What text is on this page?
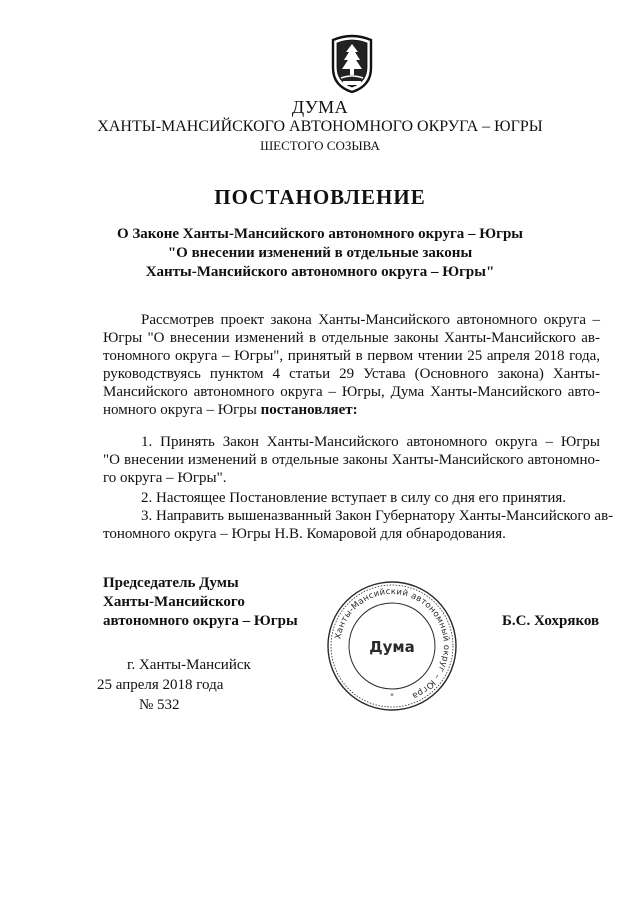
ДУМА
ХАНТЫ-МАНСИЙСКОГО АВТОНОМНОГО ОКРУГА – ЮГРЫ
ШЕСТОГО СОЗЫВА
ПОСТАНОВЛЕНИЕ
О Законе Ханты-Мансийского автономного округа – Югры
"О внесении изменений в отдельные законы
Ханты-Мансийского автономного округа – Югры"
Рассмотрев проект закона Ханты-Мансийского автономного округа –
Югры "О внесении изменений в отдельные законы Ханты-Мансийского ав-
тономного округа – Югры", принятый в первом чтении 25 апреля 2018 года,
руководствуясь пунктом 4 статьи 29 Устава (Основного закона) Ханты-
Мансийского автономного округа – Югры, Дума Ханты-Мансийского авто-
номного округа – Югры постановляет:
1. Принять Закон Ханты-Мансийского автономного округа – Югры
"О внесении изменений в отдельные законы Ханты-Мансийского автономно-
го округа – Югры".
2. Настоящее Постановление вступает в силу со дня его принятия.
3. Направить вышеназванный Закон Губернатору Ханты-Мансийского ав-
тономного округа – Югры Н.В. Комаровой для обнародования.
Председатель Думы
Ханты-Мансийского
автономного округа – Югры	Б.С. Хохряков
Ханты-Мансийский автономный округ – Югра
Дума
*
г. Ханты-Мансийск
25 апреля 2018 года
№ 532
